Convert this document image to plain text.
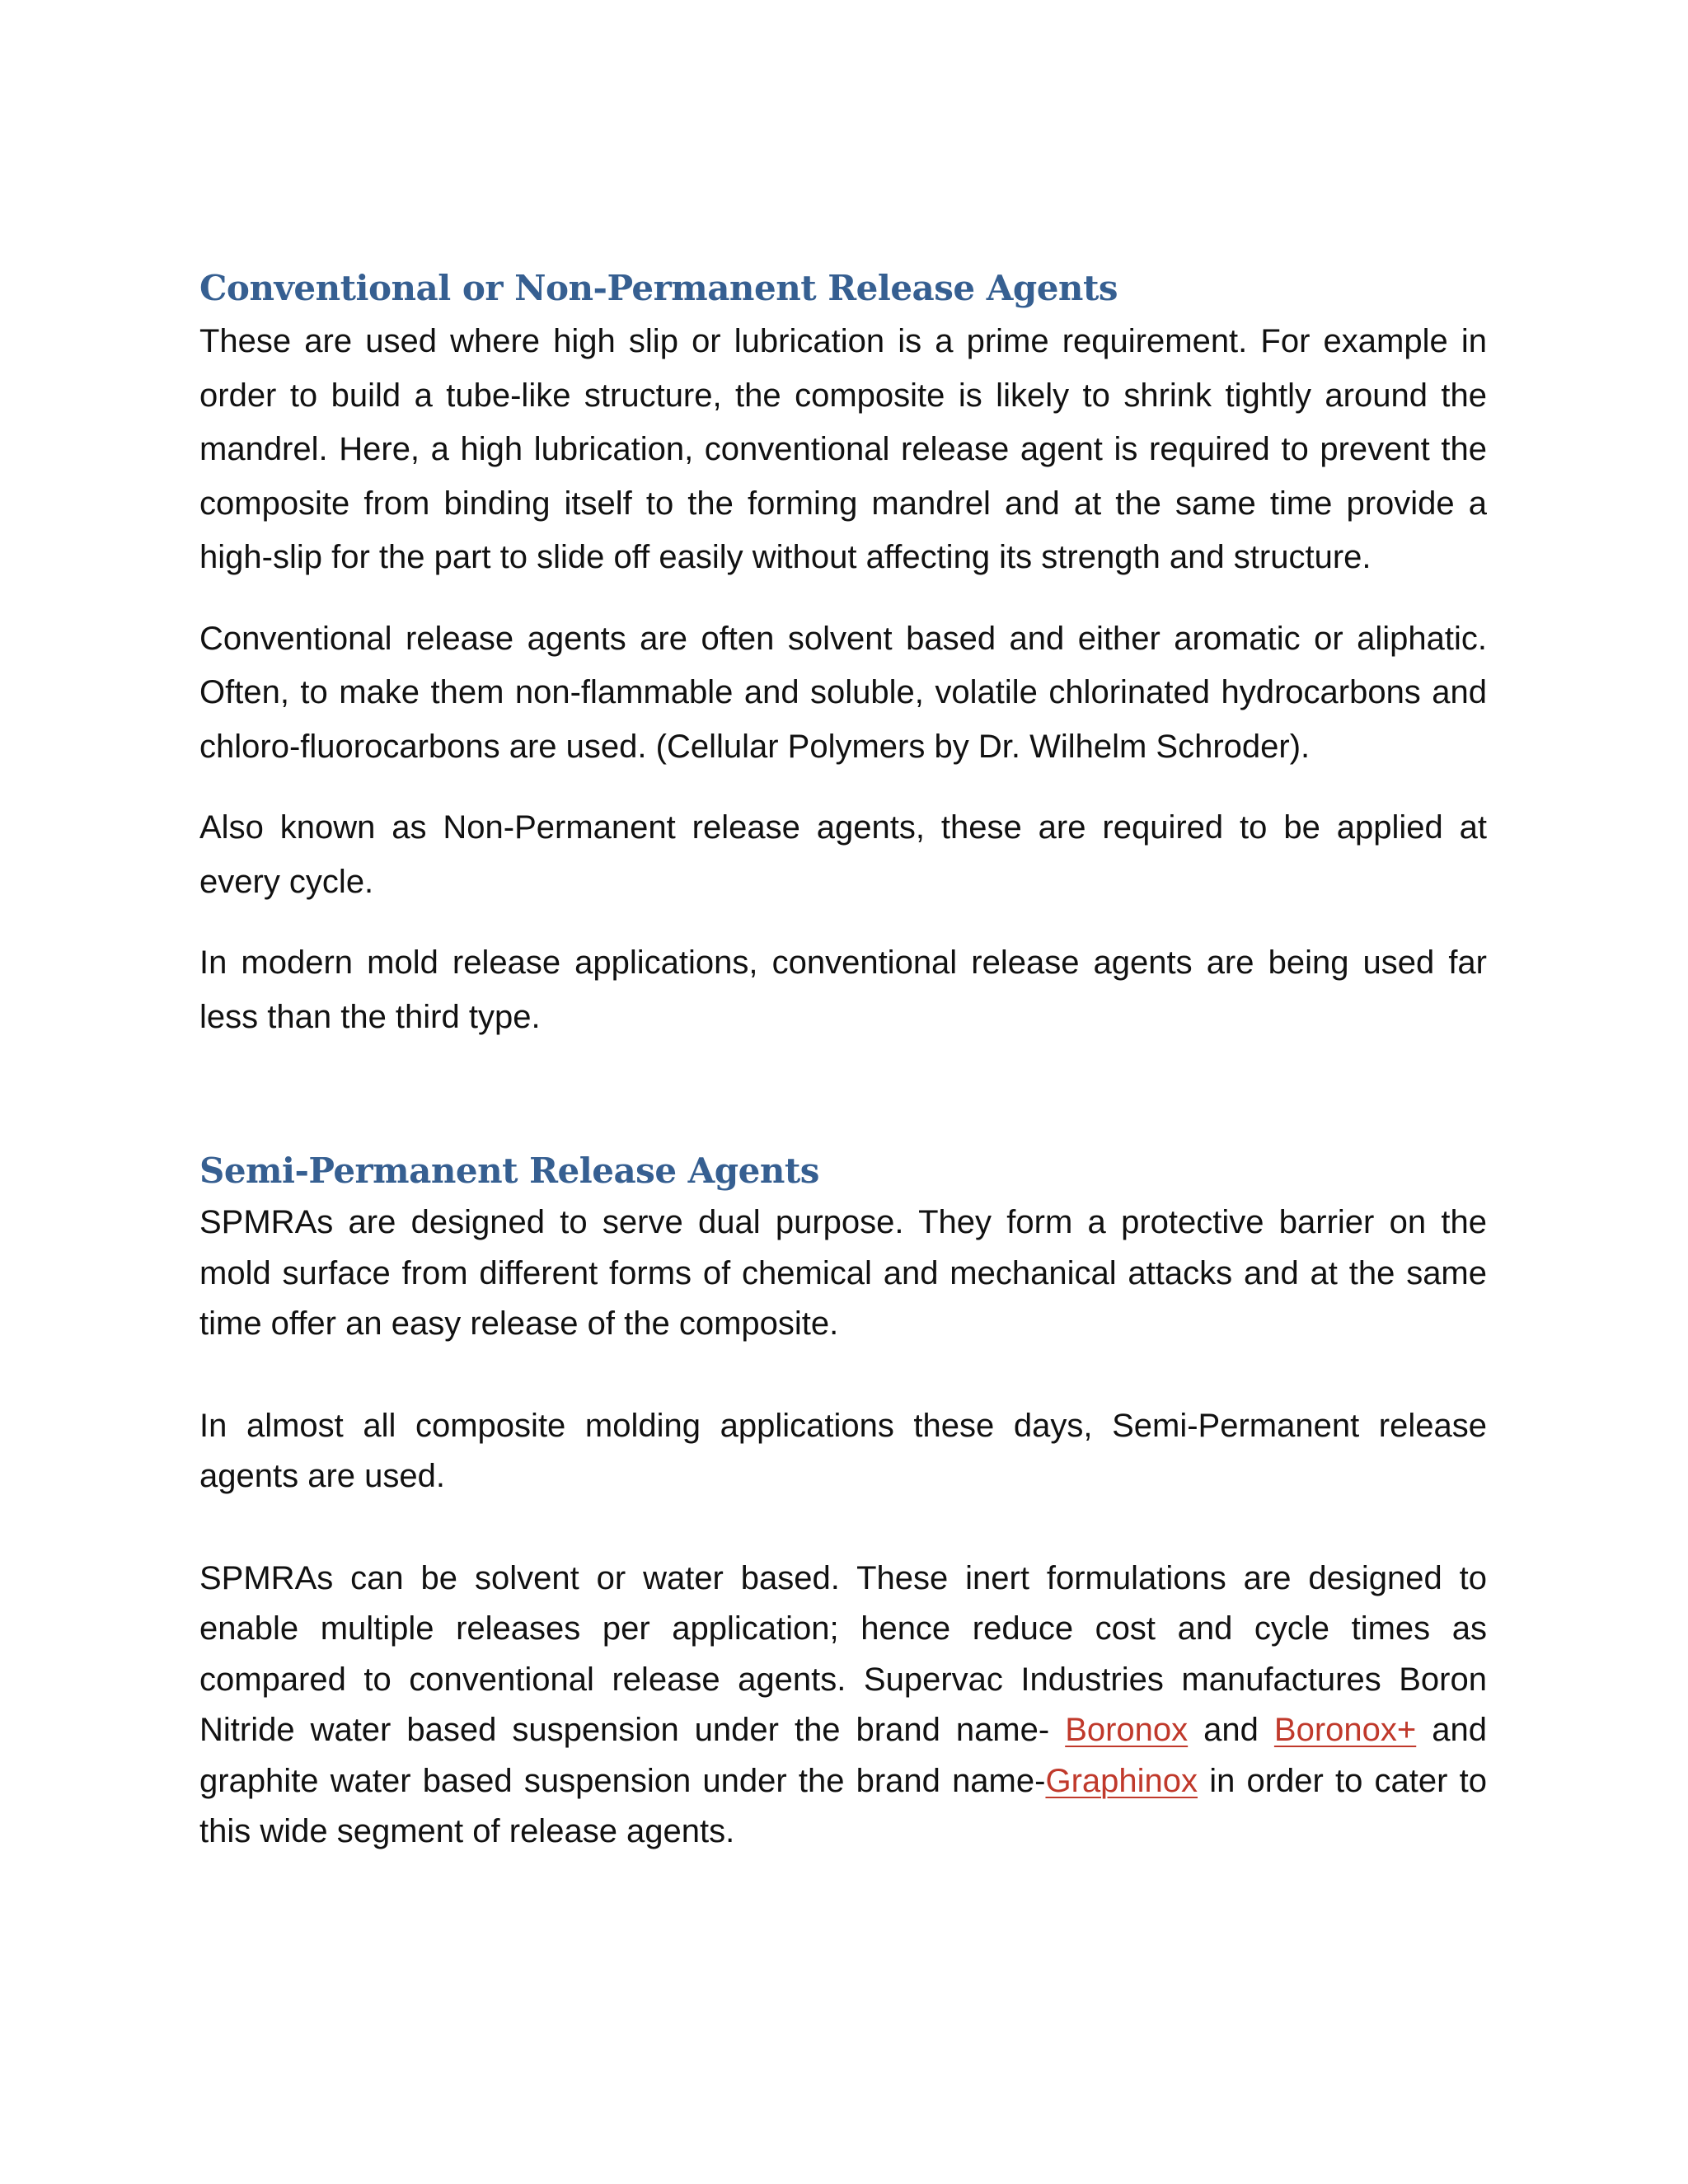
Conventional or Non-Permanent Release Agents

These are used where high slip or lubrication is a prime requirement. For example in order to build a tube-like structure, the composite is likely to shrink tightly around the mandrel. Here, a high lubrication, conventional release agent is required to prevent the composite from binding itself to the forming mandrel and at the same time provide a high-slip for the part to slide off easily without affecting its strength and structure.

Conventional release agents are often solvent based and either aromatic or aliphatic. Often, to make them non-flammable and soluble, volatile chlorinated hydrocarbons and chloro-fluorocarbons are used. (Cellular Polymers by Dr. Wilhelm Schroder).

Also known as Non-Permanent release agents, these are required to be applied at every cycle.

In modern mold release applications, conventional release agents are being used far less than the third type.

Semi-Permanent Release Agents

SPMRAs are designed to serve dual purpose. They form a protective barrier on the mold surface from different forms of chemical and mechanical attacks and at the same time offer an easy release of the composite.

In almost all composite molding applications these days, Semi-Permanent release agents are used.

SPMRAs can be solvent or water based. These inert formulations are designed to enable multiple releases per application; hence reduce cost and cycle times as compared to conventional release agents. Supervac Industries manufactures Boron Nitride water based suspension under the brand name- Boronox and Boronox+ and graphite water based suspension under the brand name-Graphinox in order to cater to this wide segment of release agents.
